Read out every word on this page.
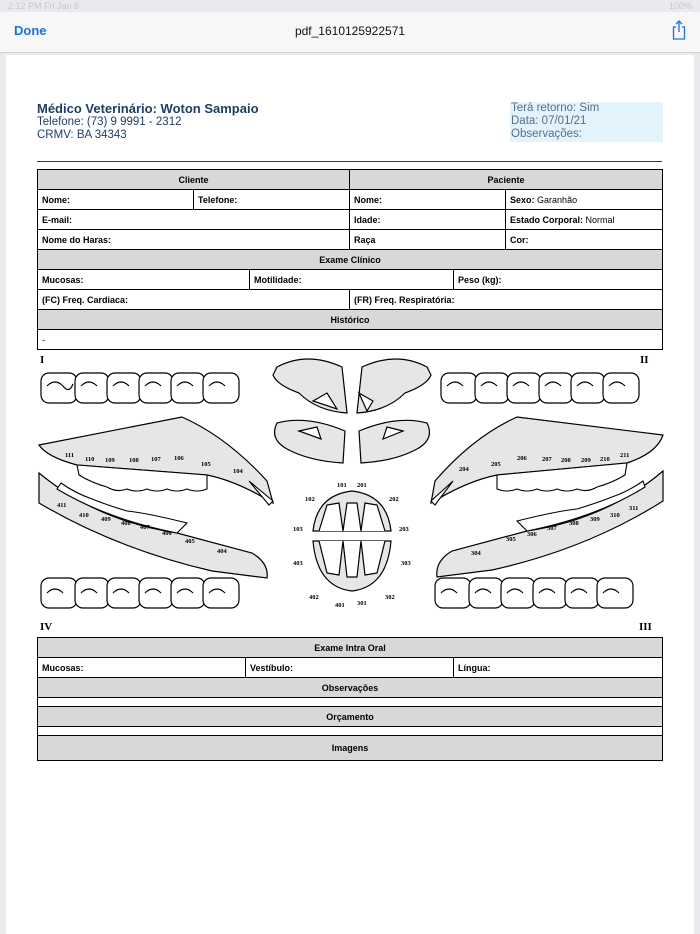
2:12 PM Fri Jan 8	100%
Done	pdf_1610125922571
Médico Veterinário: Woton Sampaio
Telefone: (73) 9 9991 - 2312
CRMV: BA 34343
Terá retorno: Sim
Data: 07/01/21
Observações:
Cliente			Paciente		
Nome:	Telefone:		Nome:		Sexo: Garanhão
E-mail:			Idade:		Estado Corporal: Normal
Nome do Haras:			Raça		Cor:
Exame Clínico					
Mucosas:		Motilidade:		Peso (kg):	
(FC) Freq. Cardiaca:			(FR) Freq. Respiratória:		
Histórico					
-					
I	II
III
IV
111
110 109 108 107 106
105
104
411
410
409
408
407
406
405
404
204
205
206 207 208 209 210
211
304
305
306
307
308
309
310
311
101 201
102	202
103	203
403	303
402
401 301
302
Exame Intra Oral
Mucosas:	Vestíbulo:	Língua:
Observações

Orçamento

Imagens
